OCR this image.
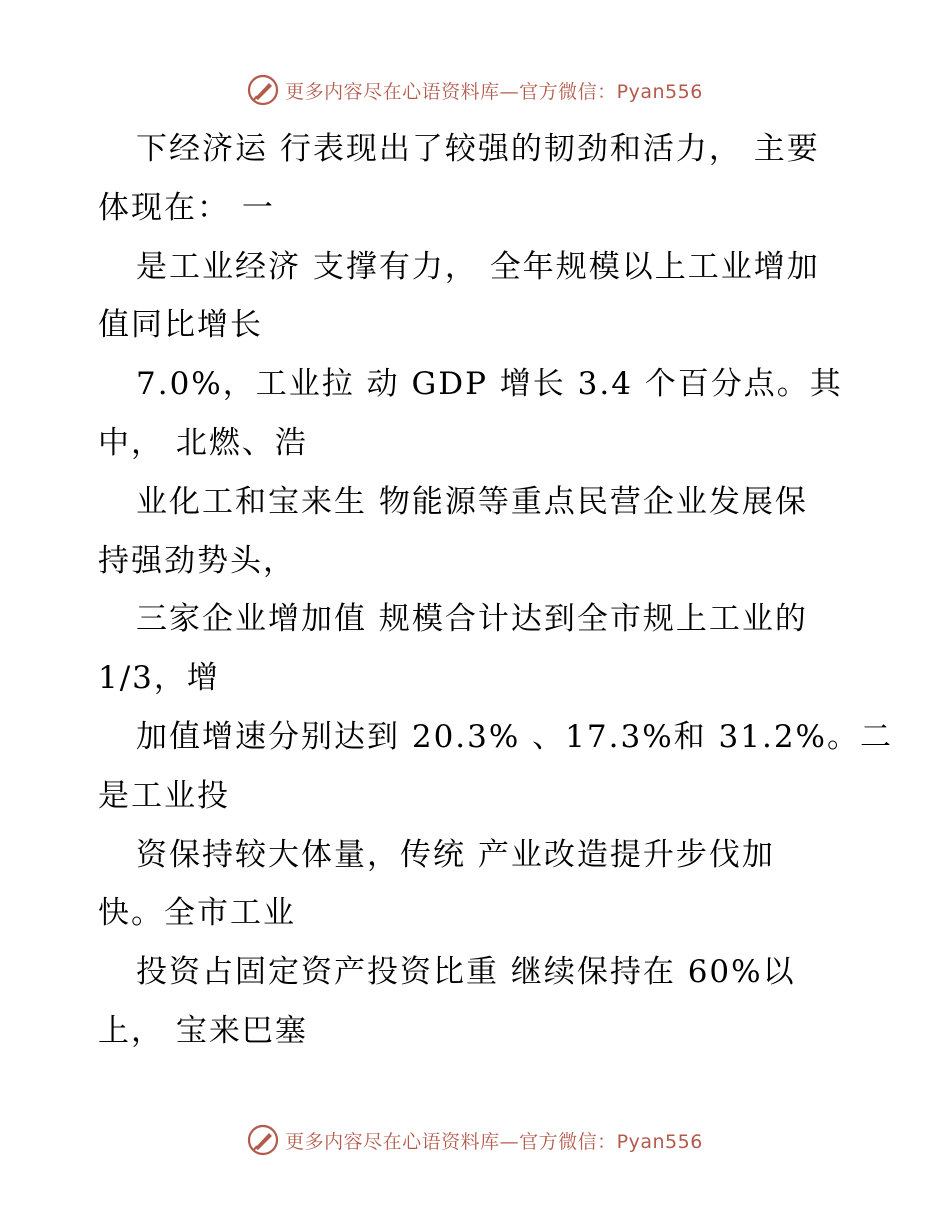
更多内容尽在心语资料库—官方微信：Pyan556
下经济运 行表现出了较强的韧劲和活力， 主要
体现在： 一
是工业经济 支撑有力， 全年规模以上工业增加
值同比增长
7.0%，工业拉 动 GDP 增长 3.4 个百分点。其
中， 北燃、浩
业化工和宝来生 物能源等重点民营企业发展保
持强劲势头，
三家企业增加值 规模合计达到全市规上工业的
1/3，增
加值增速分别达到 20.3% 、17.3%和 31.2%。二
是工业投
资保持较大体量，传统 产业改造提升步伐加
快。全市工业
投资占固定资产投资比重 继续保持在 60%以
上， 宝来巴塞
更多内容尽在心语资料库—官方微信：Pyan556
